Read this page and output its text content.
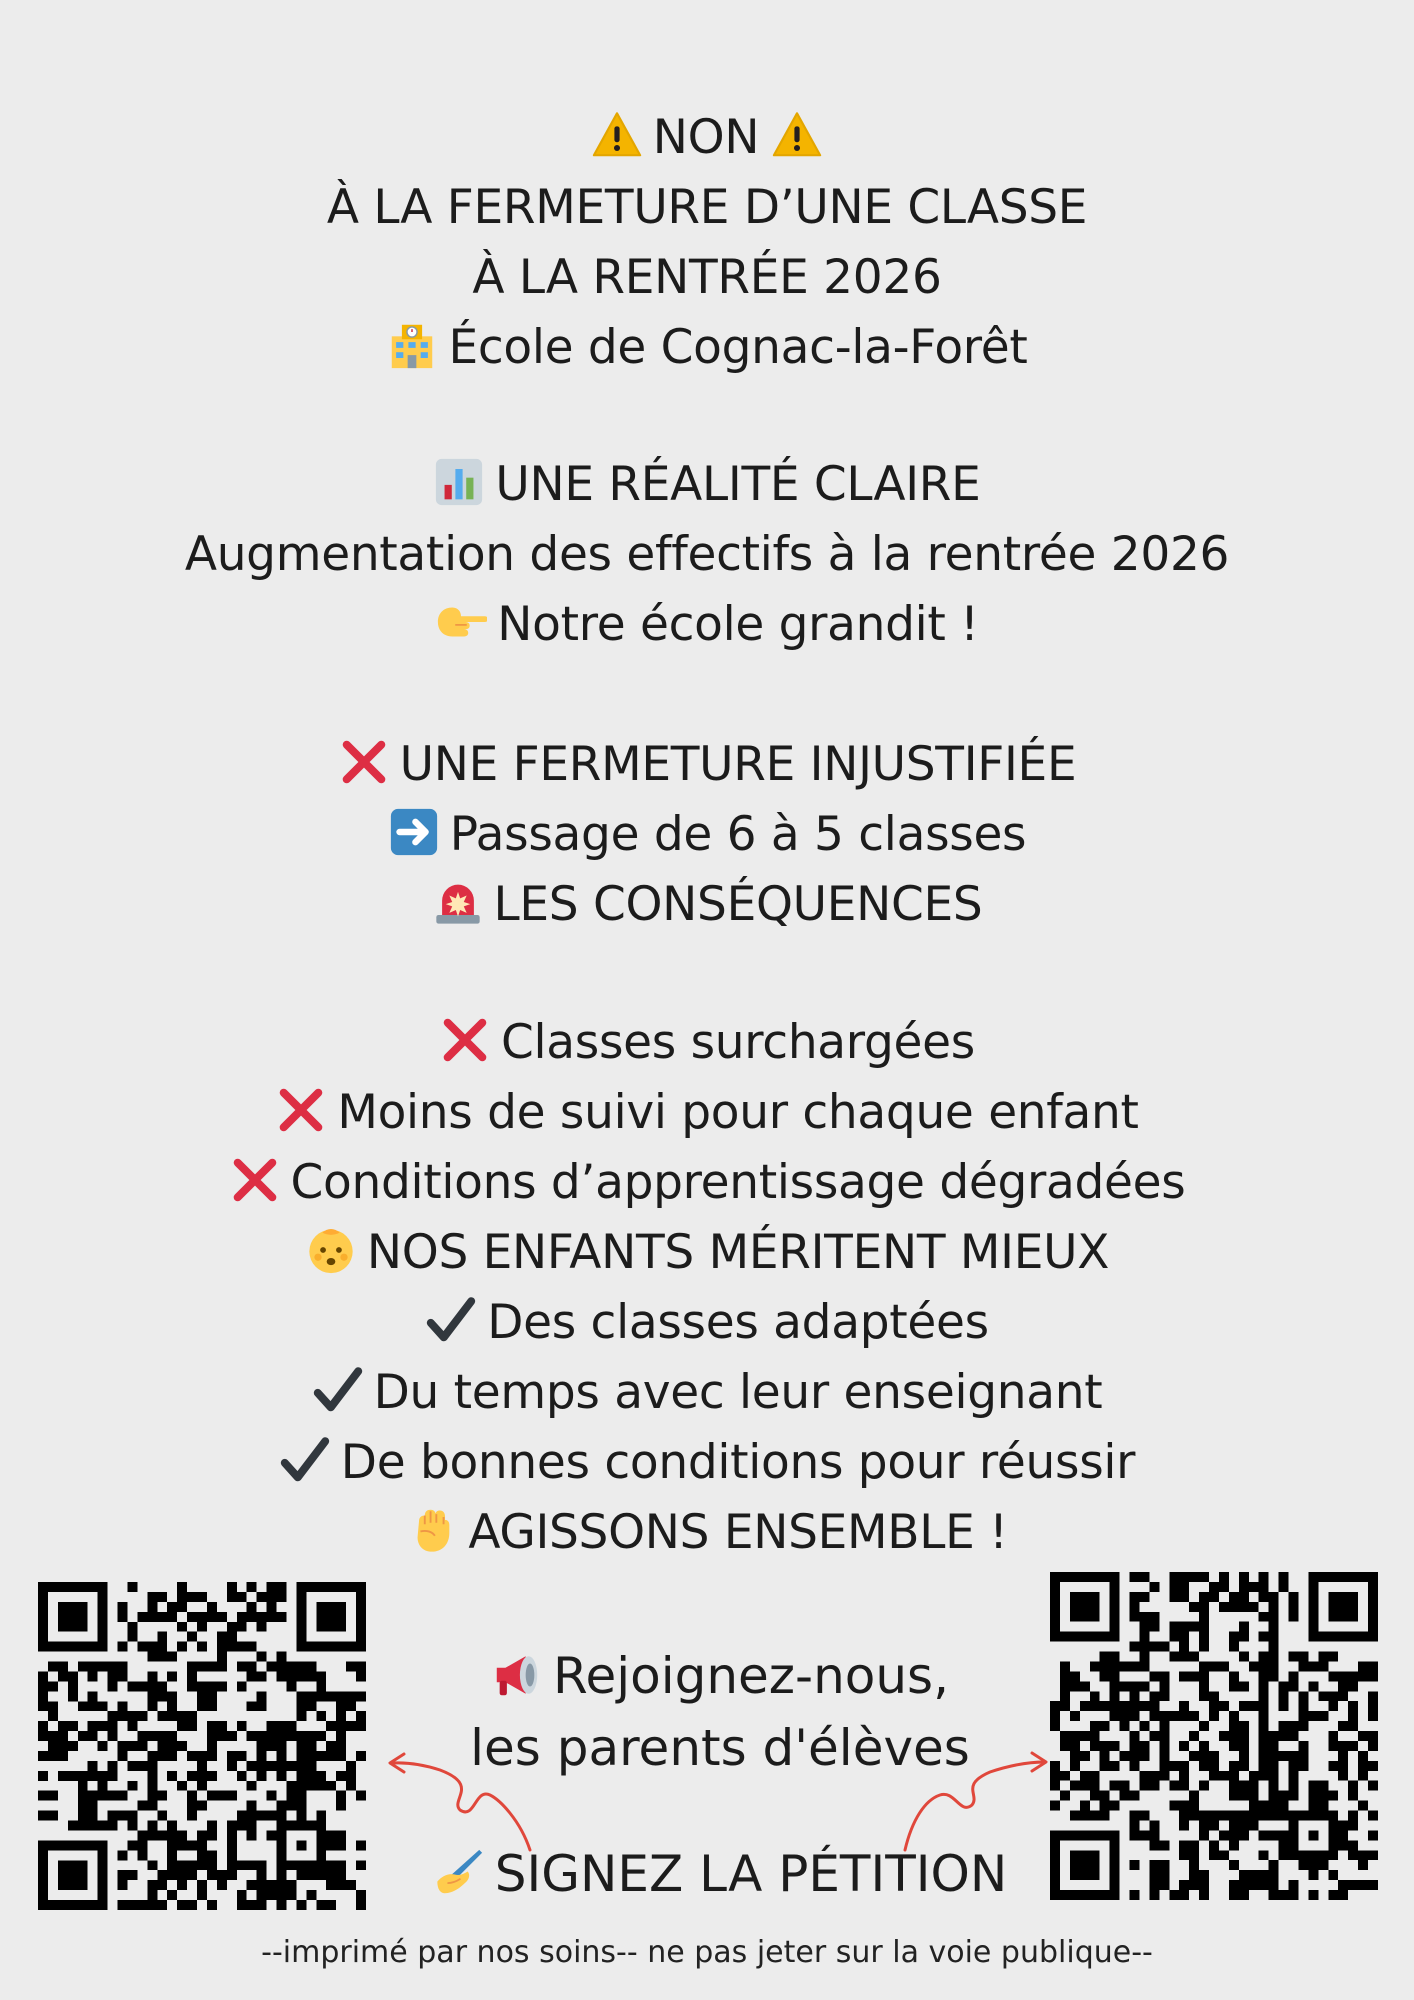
NON
À LA FERMETURE D’UNE CLASSE
À LA RENTRÉE 2026
École de Cognac-la-Forêt
UNE RÉALITÉ CLAIRE
Augmentation des effectifs à la rentrée 2026
Notre école grandit !
UNE FERMETURE INJUSTIFIÉE
Passage de 6 à 5 classes
LES CONSÉQUENCES
Classes surchargées
Moins de suivi pour chaque enfant
Conditions d’apprentissage dégradées
NOS ENFANTS MÉRITENT MIEUX
Des classes adaptées
Du temps avec leur enseignant
De bonnes conditions pour réussir
AGISSONS ENSEMBLE !
Rejoignez-nous,
les parents d'élèves
SIGNEZ LA PÉTITION
--imprimé par nos soins-- ne pas jeter sur la voie publique--
